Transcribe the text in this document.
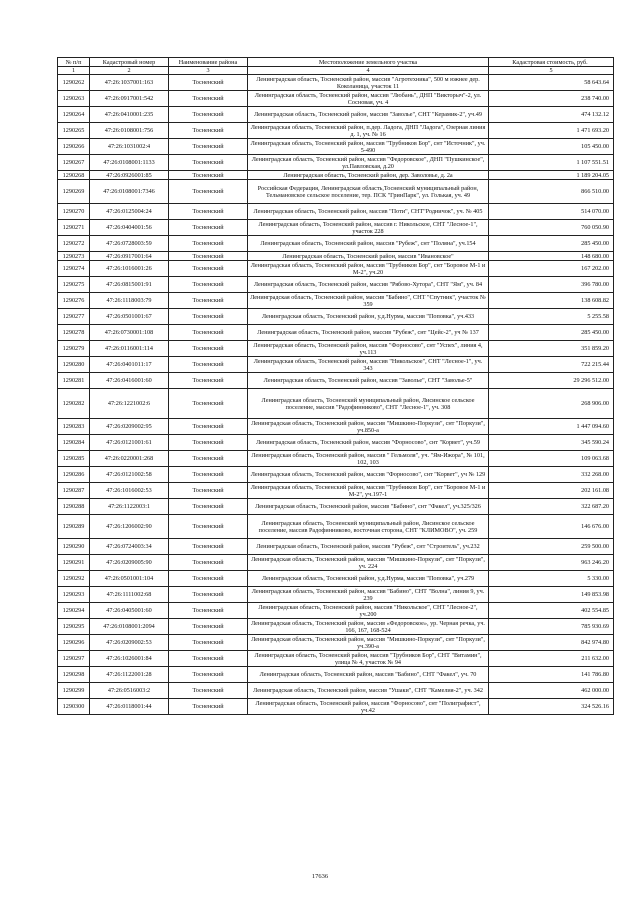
№ п/п	Кадастровый номер	Наименование района	Местоположение земельного участка	Кадастровая стоимость, руб.
1	2	3	4	5
1290262	47:26:1037001:163	Тосненский	Ленинградская область, Тосненский район, массив "Агротехника", 500 м южнее дер. Коколаница, участок 11	58 643.64
1290263	47:26:0917001:542	Тосненский	Ленинградская область, Тосненский район, массив "Любань", ДНП "Викторыч"-2, ул. Сосновая, уч. 4	238 740.00
1290264	47:26:0410001:235	Тосненский	Ленинградская область, Тосненский район, массив "Заволье", СНТ "Керамик-2", уч.49	474 132.12
1290265	47:26:0108001:756	Тосненский	Ленинградская область, Тосненский район, п.дер. Ладога, ДНП "Ладога", Озерная линия д. 1, уч. № 16	1 471 693.20
1290266	47:26:1031002:4	Тосненский	Ленинградская область, Тосненский район, массив "Трубников Бор", снт "Источник", уч. 5-490	105 450.00
1290267	47:26:0108001:1133	Тосненский	Ленинградская область, Тосненский район, массив "Федоровское", ДНП "Пушкинское", ул.Павловская, д.20	1 107 551.51
1290268	47:26:0926001:85	Тосненский	Ленинградская область, Тосненский район, дер. Заволовье, д. 2а	1 189 204.05
1290269	47:26:0108001:7346	Тосненский	Российская Федерация, Ленинградская область,Тосненский муниципальный район, Тельмановское сельское поселение, тер. ПСК "ГринПарк", ул. Голькая, уч. 49	866 510.00
1290270	47:26:0125004:24	Тосненский	Ленинградская область, Тосненский район, массив "Поти", СНТ"Родничок", уч. № 405	514 070.00
1290271	47:26:0404001:56	Тосненский	Ленинградская область, Тосненский район, массив г. Никольское, СНТ "Лесное-1", участок 228	760 050.90
1290272	47:26:0728003:59	Тосненский	Ленинградская область, Тосненский район, массив "Рубеж", снт "Поляна", уч.154	285 450.00
1290273	47:26:0917001:64	Тосненский	Ленинградская область, Тосненский район, массив "Ивановское"	148 680.00
1290274	47:26:1016001:26	Тосненский	Ленинградская область, Тосненский район, массив "Трубников Бор", снт "Боровое М-1 и М-2", уч.20	167 202.00
1290275	47:26:0815001:91	Тосненский	Ленинградская область, Тосненский район, массив "Рябово-Хутора", СНТ "Ям", уч. 84	396 780.00
1290276	47:26:1118003:79	Тосненский	Ленинградская область, Тосненский район, массив "Бабино", СНТ "Спутник", участок № 359	138 608.82
1290277	47:26:0501001:67	Тосненский	Ленинградская область, Тосненский район, у.д.Нурма, массив "Поповка", уч.433	5 255.58
1290278	47:26:0730001:108	Тосненский	Ленинградская область, Тосненский район, массив "Рубеж", снт "Цейс-2", уч № 137	285 450.00
1290279	47:26:0116001:114	Тосненский	Ленинградская область, Тосненский район, массив "Форносово", снт "Успех", линия 4, уч.113	351 859.20
1290280	47:26:0401011:17	Тосненский	Ленинградская область, Тосненский район, массив "Никольское", СНТ "Лесное-1", уч. 343	722 215.44
1290281	47:26:0416001:60	Тосненский	Ленинградская область, Тосненский район, массив "Заволье", СНТ "Заволье-5"	29 296 512.00
1290282	47:26:1221002:6	Тосненский	Ленинградская область, Тосненский муниципальный район, Лисинское сельское поселение, массив "Радофинниково", СНТ "Лесное-1", уч. 308	268 906.00
1290283	47:26:0209002:95	Тосненский	Ленинградская область, Тосненский район, массив "Мишкино-Поркузи", снт "Поркузи", уч.850-а	1 447 094.60
1290284	47:26:0121001:61	Тосненский	Ленинградская область, Тосненский район, массив "Форносово", снт "Корвет", уч.59	345 590.24
1290285	47:26:0220001:268	Тосненский	Ленинградская область, Тосненский район, массив " Гельмоля", уч. "Ям-Ижора", № 101, 102, 103	109 063.68
1290286	47:26:0121002:58	Тосненский	Ленинградская область, Тосненский район, массив "Форносово", снт "Корвет", уч № 129	332 268.00
1290287	47:26:1016002:53	Тосненский	Ленинградская область, Тосненский район, массив "Трубников Бор", снт "Боровое М-1 и М-2", уч.197-1	202 161.08
1290288	47:26:1122003:1	Тосненский	Ленинградская область, Тосненский район, массив "Бабино", снт "Факел", уч.325/326	322 687.20
1290289	47:26:1206002:90	Тосненский	Ленинградская область, Тосненский муниципальный район, Лисинское сельское поселение, массив Радофинниково, восточная сторона, СНТ "КЛИМОВО", уч. 259	146 676.00
1290290	47:26:0724003:34	Тосненский	Ленинградская область, Тосненский район, массив "Рубеж", снт "Строитель", уч.232	259 500.00
1290291	47:26:0209005:90	Тосненский	Ленинградская область, Тосненский район, массив "Мишкино-Поркузи", снт "Поркузи", уч. 224	963 246.20
1290292	47:26:0501001:104	Тосненский	Ленинградская область, Тосненский район, у.д.Нурма, массив "Поповка", уч.279	5 330.00
1290293	47:26:1111002:68	Тосненский	Ленинградская область, Тосненский район, массив "Бабино", СНТ "Волна", линия 9, уч. 239	149 853.98
1290294	47:26:0405001:60	Тосненский	Ленинградская область, Тосненский район, массив "Никольское", СНТ "Лесное-2", уч.200	402 554.85
1290295	47:26:0108001:2094	Тосненский	Ленинградская область, Тосненский район, массив «Федоровское», ур. Черная речка, уч. 166, 167, 168-524	785 930.69
1290296	47:26:0209002:53	Тосненский	Ленинградская область, Тосненский район, массив "Мишкино-Поркузи", снт "Поркузи", уч.390-а	842 974.80
1290297	47:26:1026001:84	Тосненский	Ленинградская область, Тосненский район, массив "Трубников Бор", СНТ "Витамин", улица № 4, участок № 94	211 632.00
1290298	47:26:1122001:28	Тосненский	Ленинградская область, Тосненский район, массив "Бабино", СНТ "Факел", уч. 70	141 786.80
1290299	47:26:0516003:2	Тосненский	Ленинградская область, Тосненский район, массив "Ушаки", СНТ "Камелия-2", уч. 342	462 000.00
1290300	47:26:0118001:44	Тосненский	Ленинградская область, Тосненский район, массив "Форносово", снт "Полиграфист", уч.42	324 526.16
17636
